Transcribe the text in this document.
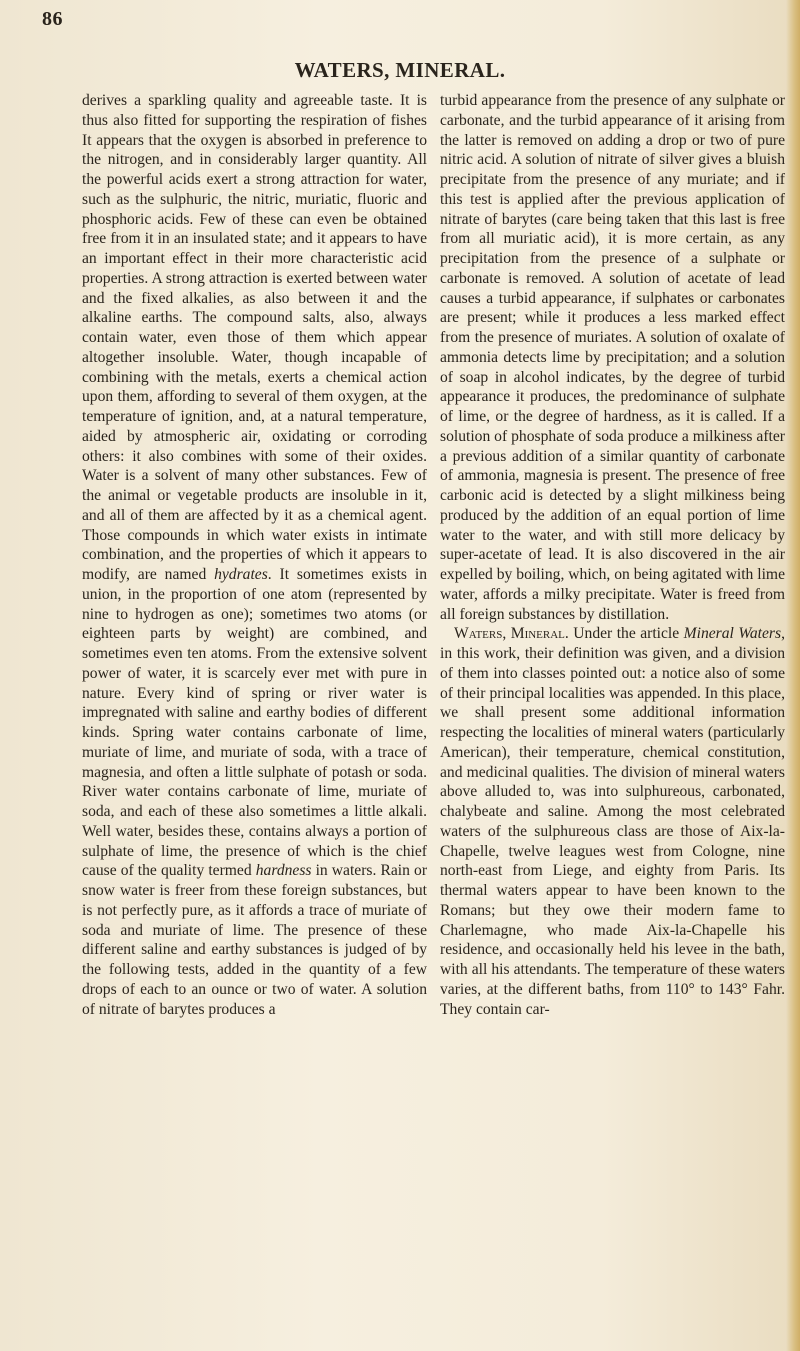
86
WATERS, MINERAL.

derives a sparkling quality and agreeable taste. It is thus also fitted for supporting the respiration of fishes It appears that the oxygen is absorbed in preference to the nitrogen, and in considerably larger quantity. All the powerful acids exert a strong attraction for water, such as the sulphuric, the nitric, muriatic, fluoric and phosphoric acids. Few of these can even be obtained free from it in an insulated state; and it appears to have an important effect in their more characteristic acid properties. A strong attraction is exerted between water and the fixed alkalies, as also between it and the alkaline earths. The compound salts, also, always contain water, even those of them which appear altogether insoluble. Water, though incapable of combining with the metals, exerts a chemical action upon them, affording to several of them oxygen, at the temperature of ignition, and, at a natural temperature, aided by atmospheric air, oxidating or corroding others: it also combines with some of their oxides. Water is a solvent of many other substances. Few of the animal or vegetable products are insoluble in it, and all of them are affected by it as a chemical agent. Those compounds in which water exists in intimate combination, and the properties of which it appears to modify, are named hydrates. It sometimes exists in union, in the proportion of one atom (represented by nine to hydrogen as one); sometimes two atoms (or eighteen parts by weight) are combined, and sometimes even ten atoms. From the extensive solvent power of water, it is scarcely ever met with pure in nature. Every kind of spring or river water is impregnated with saline and earthy bodies of different kinds. Spring water contains carbonate of lime, muriate of lime, and muriate of soda, with a trace of magnesia, and often a little sulphate of potash or soda. River water contains carbonate of lime, muriate of soda, and each of these also sometimes a little alkali. Well water, besides these, contains always a portion of sulphate of lime, the presence of which is the chief cause of the quality termed hardness in waters. Rain or snow water is freer from these foreign substances, but is not perfectly pure, as it affords a trace of muriate of soda and muriate of lime. The presence of these different saline and earthy substances is judged of by the following tests, added in the quantity of a few drops of each to an ounce or two of water. A solution of nitrate of barytes produces a

turbid appearance from the presence of any sulphate or carbonate, and the turbid appearance of it arising from the latter is removed on adding a drop or two of pure nitric acid. A solution of nitrate of silver gives a bluish precipitate from the presence of any muriate; and if this test is applied after the previous application of nitrate of barytes (care being taken that this last is free from all muriatic acid), it is more certain, as any precipitation from the presence of a sulphate or carbonate is removed. A solution of acetate of lead causes a turbid appearance, if sulphates or carbonates are present; while it produces a less marked effect from the presence of muriates. A solution of oxalate of ammonia detects lime by precipitation; and a solution of soap in alcohol indicates, by the degree of turbid appearance it produces, the predominance of sulphate of lime, or the degree of hardness, as it is called. If a solution of phosphate of soda produce a milkiness after a previous addition of a similar quantity of carbonate of ammonia, magnesia is present. The presence of free carbonic acid is detected by a slight milkiness being produced by the addition of an equal portion of lime water to the water, and with still more delicacy by super-acetate of lead. It is also discovered in the air expelled by boiling, which, on being agitated with lime water, affords a milky precipitate. Water is freed from all foreign substances by distillation.

Waters, Mineral. Under the article Mineral Waters, in this work, their definition was given, and a division of them into classes pointed out: a notice also of some of their principal localities was appended. In this place, we shall present some additional information respecting the localities of mineral waters (particularly American), their temperature, chemical constitution, and medicinal qualities. The division of mineral waters above alluded to, was into sulphureous, carbonated, chalybeate and saline. Among the most celebrated waters of the sulphureous class are those of Aix-la-Chapelle, twelve leagues west from Cologne, nine north-east from Liege, and eighty from Paris. Its thermal waters appear to have been known to the Romans; but they owe their modern fame to Charlemagne, who made Aix-la-Chapelle his residence, and occasionally held his levee in the bath, with all his attendants. The temperature of these waters varies, at the different baths, from 110° to 143° Fahr. They contain car-
